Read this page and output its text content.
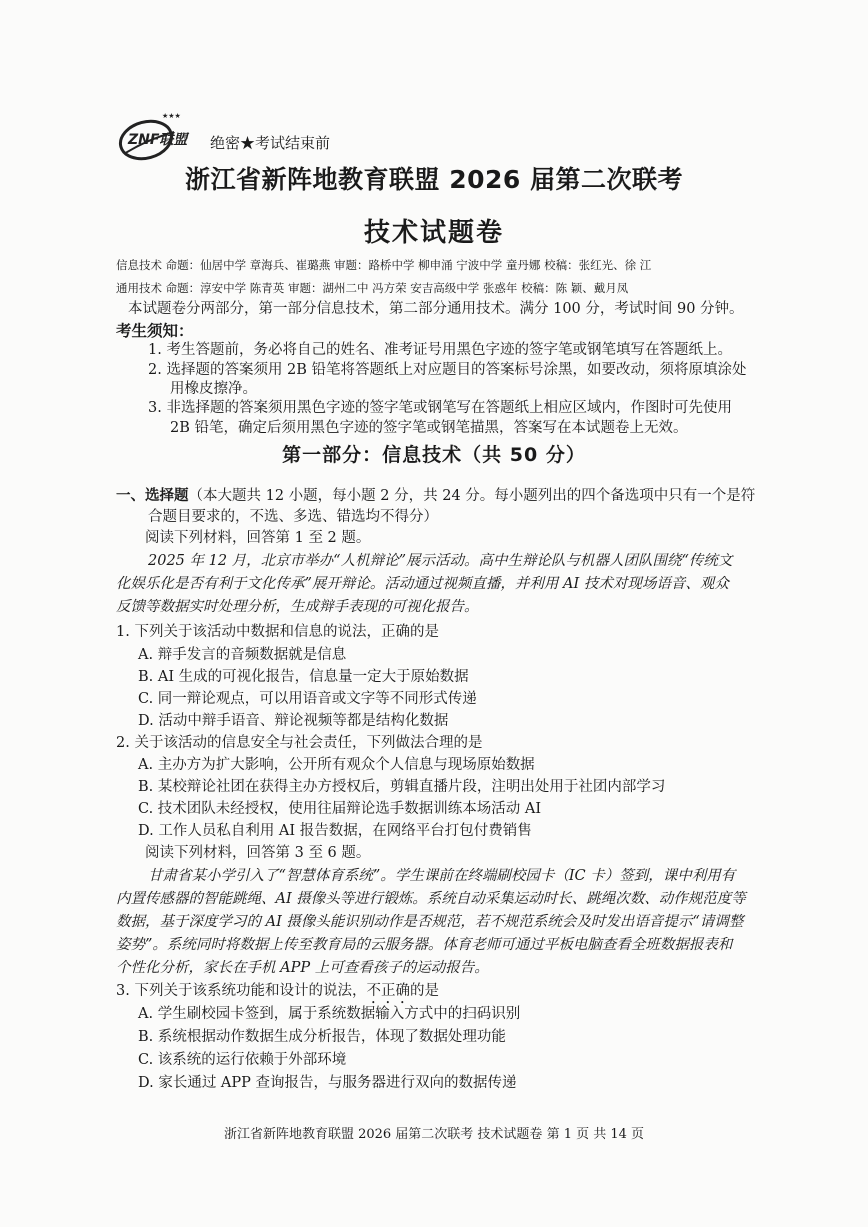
★★★
ZNF联盟 绝密★考试结束前
浙江省新阵地教育联盟 2026 届第二次联考
技术试题卷
信息技术 命题：仙居中学 章海兵、崔璐燕 审题：路桥中学 柳申涌 宁波中学 童丹娜 校稿：张红光、徐 江
通用技术 命题：淳安中学 陈青英 审题：湖州二中 冯方荣 安吉高级中学 张惑年 校稿：陈 颖、戴月凤
本试题卷分两部分，第一部分信息技术，第二部分通用技术。满分 100 分，考试时间 90 分钟。
考生须知：
1. 考生答题前，务必将自己的姓名、准考证号用黑色字迹的签字笔或钢笔填写在答题纸上。
2. 选择题的答案须用 2B 铅笔将答题纸上对应题目的答案标号涂黑，如要改动，须将原填涂处
用橡皮擦净。
3. 非选择题的答案须用黑色字迹的签字笔或钢笔写在答题纸上相应区域内，作图时可先使用
2B 铅笔，确定后须用黑色字迹的签字笔或钢笔描黑，答案写在本试题卷上无效。
第一部分：信息技术（共 50 分）
一、选择题（本大题共 12 小题，每小题 2 分，共 24 分。每小题列出的四个备选项中只有一个是符
合题目要求的，不选、多选、错选均不得分）
阅读下列材料，回答第 1 至 2 题。
2025 年 12 月，北京市举办“人机辩论”展示活动。高中生辩论队与机器人团队围绕“传统文
化娱乐化是否有利于文化传承”展开辩论。活动通过视频直播，并利用 AI 技术对现场语音、观众
反馈等数据实时处理分析，生成辩手表现的可视化报告。
1. 下列关于该活动中数据和信息的说法，正确的是
A. 辩手发言的音频数据就是信息
B. AI 生成的可视化报告，信息量一定大于原始数据
C. 同一辩论观点，可以用语音或文字等不同形式传递
D. 活动中辩手语音、辩论视频等都是结构化数据
2. 关于该活动的信息安全与社会责任，下列做法合理的是
A. 主办方为扩大影响，公开所有观众个人信息与现场原始数据
B. 某校辩论社团在获得主办方授权后，剪辑直播片段，注明出处用于社团内部学习
C. 技术团队未经授权，使用往届辩论选手数据训练本场活动 AI
D. 工作人员私自利用 AI 报告数据，在网络平台打包付费销售
阅读下列材料，回答第 3 至 6 题。
甘肃省某小学引入了“智慧体育系统”。学生课前在终端刷校园卡（IC 卡）签到，课中利用有
内置传感器的智能跳绳、AI 摄像头等进行锻炼。系统自动采集运动时长、跳绳次数、动作规范度等
数据，基于深度学习的 AI 摄像头能识别动作是否规范，若不规范系统会及时发出语音提示“请调整
姿势”。系统同时将数据上传至教育局的云服务器。体育老师可通过平板电脑查看全班数据报表和
个性化分析，家长在手机 APP 上可查看孩子的运动报告。
3. 下列关于该系统功能和设计的说法，不正确的是
A. 学生刷校园卡签到，属于系统数据输入方式中的扫码识别
B. 系统根据动作数据生成分析报告，体现了数据处理功能
C. 该系统的运行依赖于外部环境
D. 家长通过 APP 查询报告，与服务器进行双向的数据传递
浙江省新阵地教育联盟 2026 届第二次联考 技术试题卷 第 1 页 共 14 页
